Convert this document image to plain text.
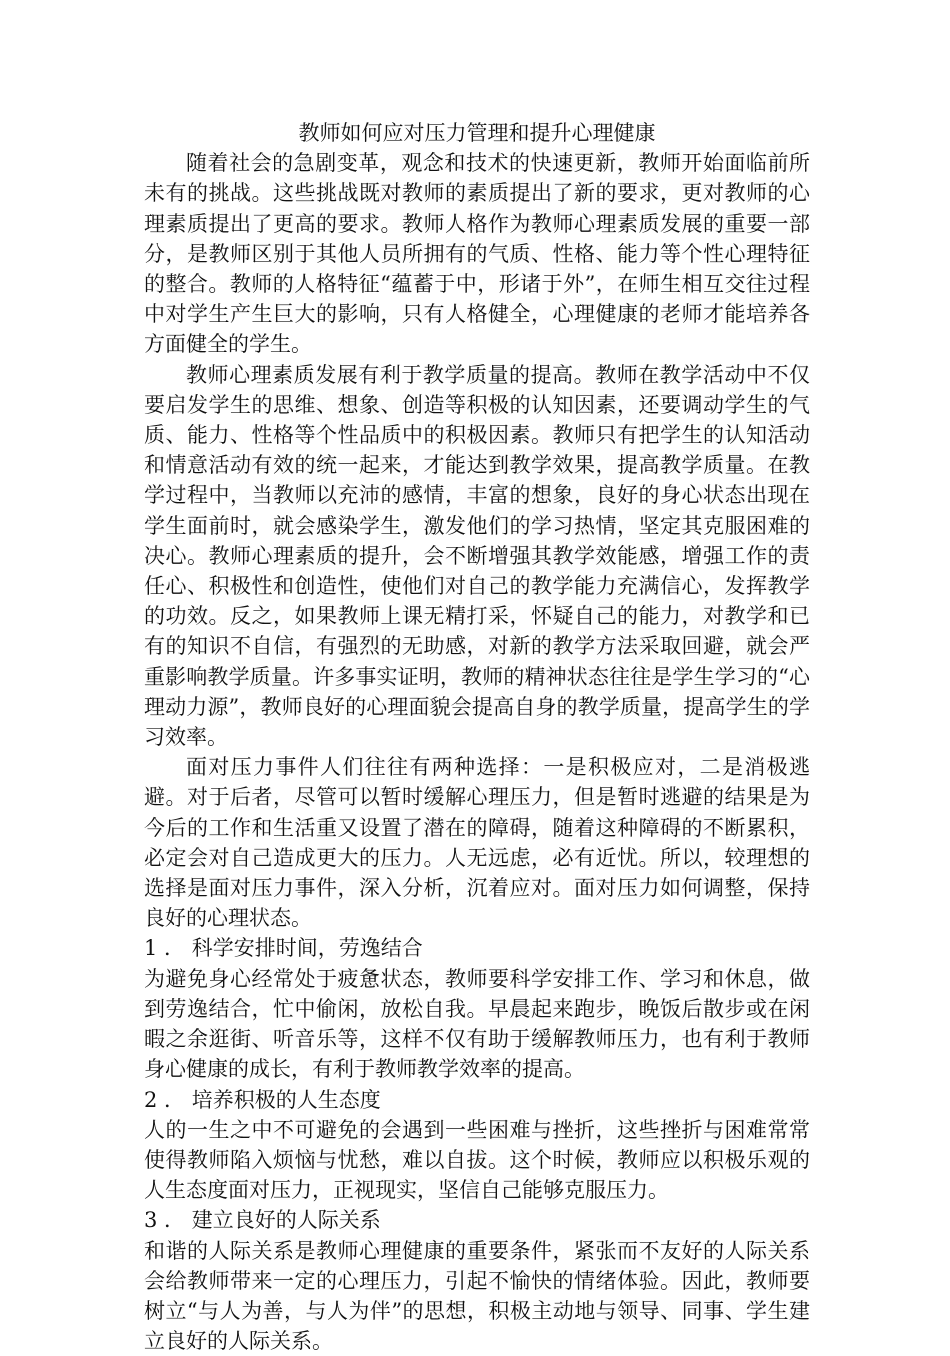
教师如何应对压力管理和提升心理健康

随着社会的急剧变革，观念和技术的快速更新，教师开始面临前所未有的挑战。这些挑战既对教师的素质提出了新的要求，更对教师的心理素质提出了更高的要求。教师人格作为教师心理素质发展的重要一部分，是教师区别于其他人员所拥有的气质、性格、能力等个性心理特征的整合。教师的人格特征“蕴蓄于中，形诸于外”，在师生相互交往过程中对学生产生巨大的影响，只有人格健全，心理健康的老师才能培养各方面健全的学生。

教师心理素质发展有利于教学质量的提高。教师在教学活动中不仅要启发学生的思维、想象、创造等积极的认知因素，还要调动学生的气质、能力、性格等个性品质中的积极因素。教师只有把学生的认知活动和情意活动有效的统一起来，才能达到教学效果，提高教学质量。在教学过程中，当教师以充沛的感情，丰富的想象，良好的身心状态出现在学生面前时，就会感染学生，激发他们的学习热情，坚定其克服困难的决心。教师心理素质的提升，会不断增强其教学效能感，增强工作的责任心、积极性和创造性，使他们对自己的教学能力充满信心，发挥教学的功效。反之，如果教师上课无精打采，怀疑自己的能力，对教学和已有的知识不自信，有强烈的无助感，对新的教学方法采取回避，就会严重影响教学质量。许多事实证明，教师的精神状态往往是学生学习的“心理动力源”，教师良好的心理面貌会提高自身的教学质量，提高学生的学习效率。

面对压力事件人们往往有两种选择：一是积极应对，二是消极逃避。对于后者，尽管可以暂时缓解心理压力，但是暂时逃避的结果是为今后的工作和生活重又设置了潜在的障碍，随着这种障碍的不断累积，必定会对自己造成更大的压力。人无远虑，必有近忧。所以，较理想的选择是面对压力事件，深入分析，沉着应对。面对压力如何调整，保持良好的心理状态。

1 ． 科学安排时间，劳逸结合

为避免身心经常处于疲惫状态，教师要科学安排工作、学习和休息，做到劳逸结合，忙中偷闲，放松自我。早晨起来跑步，晚饭后散步或在闲暇之余逛街、听音乐等，这样不仅有助于缓解教师压力，也有利于教师身心健康的成长，有利于教师教学效率的提高。

2 ． 培养积极的人生态度

人的一生之中不可避免的会遇到一些困难与挫折，这些挫折与困难常常使得教师陷入烦恼与忧愁，难以自拔。这个时候，教师应以积极乐观的人生态度面对压力，正视现实，坚信自己能够克服压力。

3 ． 建立良好的人际关系

和谐的人际关系是教师心理健康的重要条件，紧张而不友好的人际关系会给教师带来一定的心理压力，引起不愉快的情绪体验。因此，教师要树立“与人为善，与人为伴”的思想，积极主动地与领导、同事、学生建立良好的人际关系。
